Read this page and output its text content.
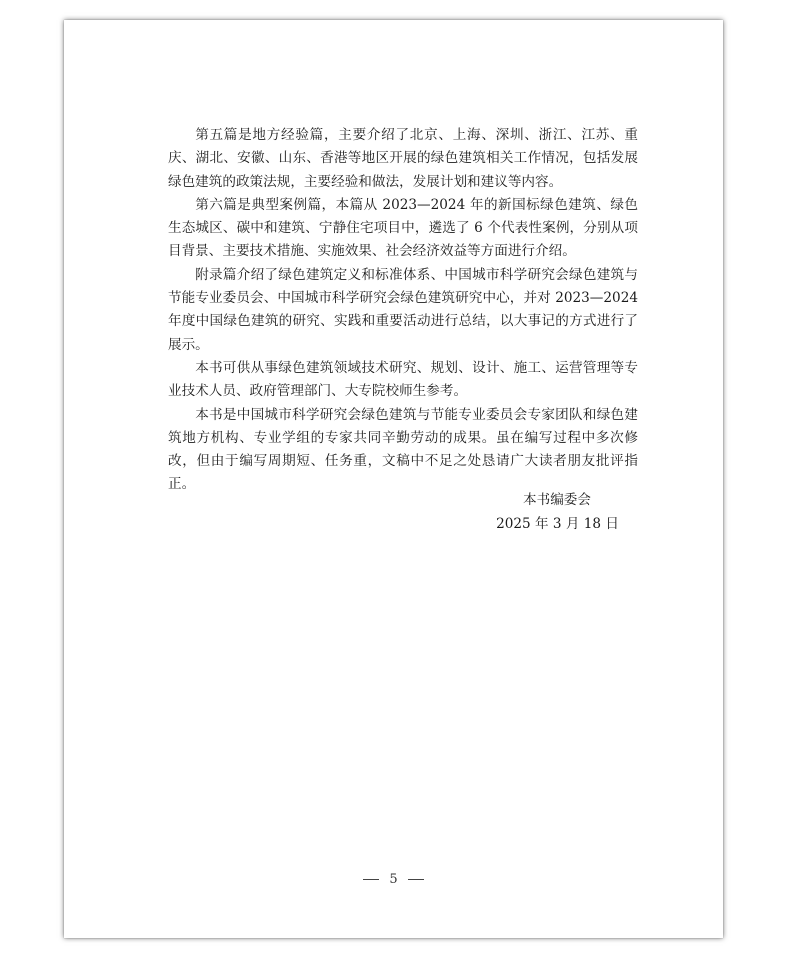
第五篇是地方经验篇，主要介绍了北京、上海、深圳、浙江、江苏、重庆、湖北、安徽、山东、香港等地区开展的绿色建筑相关工作情况，包括发展绿色建筑的政策法规，主要经验和做法，发展计划和建议等内容。

第六篇是典型案例篇，本篇从 2023—2024 年的新国标绿色建筑、绿色生态城区、碳中和建筑、宁静住宅项目中，遴选了 6 个代表性案例，分别从项目背景、主要技术措施、实施效果、社会经济效益等方面进行介绍。

附录篇介绍了绿色建筑定义和标准体系、中国城市科学研究会绿色建筑与节能专业委员会、中国城市科学研究会绿色建筑研究中心，并对 2023—2024 年度中国绿色建筑的研究、实践和重要活动进行总结，以大事记的方式进行了展示。

本书可供从事绿色建筑领域技术研究、规划、设计、施工、运营管理等专业技术人员、政府管理部门、大专院校师生参考。

本书是中国城市科学研究会绿色建筑与节能专业委员会专家团队和绿色建筑地方机构、专业学组的专家共同辛勤劳动的成果。虽在编写过程中多次修改，但由于编写周期短、任务重，文稿中不足之处恳请广大读者朋友批评指正。

本书编委会
2025 年 3 月 18 日
5
